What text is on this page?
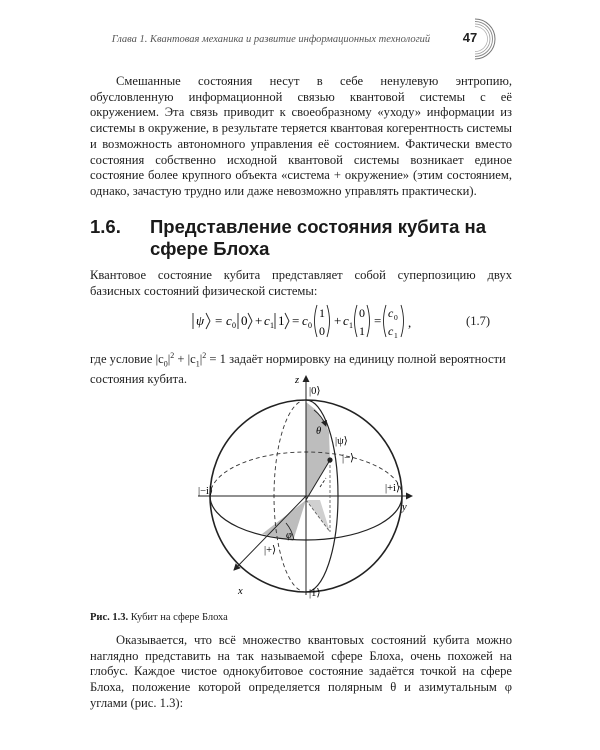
Глава 1. Квантовая механика и развитие информационных технологий	47

Смешанные состояния несут в себе ненулевую энтропию, обусловленную информационной связью квантовой системы с её окружением. Эта связь приводит к своеобразному «уходу» информации из системы в окружение, в результате теряется квантовая когерентность системы и возможность автономного управления её состоянием. Фактически вместо состояния собственно исходной квантовой системы возникает единое состояние более крупного объекта «система + окружение» (этим состоянием, однако, зачастую трудно или даже невозможно управлять практически).

1.6. Представление состояния кубита на сфере Блоха

Квантовое состояние кубита представляет собой суперпозицию двух базисных состояний физической системы:

ψ = c 0 0 + c 1 1 = c 0
1
0
+ c 1
0
1
= c 0
c 1
,	(1.7)

где условие $|c_0|^2 + |c_1|^2 = 1$ задаёт нормировку на единицу полной вероятности состояния кубита.	z
y
x
|0⟩
|1⟩
|ψ⟩
|−⟩
|+⟩
|−i⟩	|+i⟩
θ
φ
Рис. 1.3. Кубит на сфере Блоха

Оказывается, что всё множество квантовых состояний кубита можно наглядно представить на так называемой сфере Блоха, очень похожей на глобус. Каждое чистое однокубитовое состояние задаётся точкой на сфере Блоха, положение которой определяется полярным θ и азимутальным φ углами (рис. 1.3):
